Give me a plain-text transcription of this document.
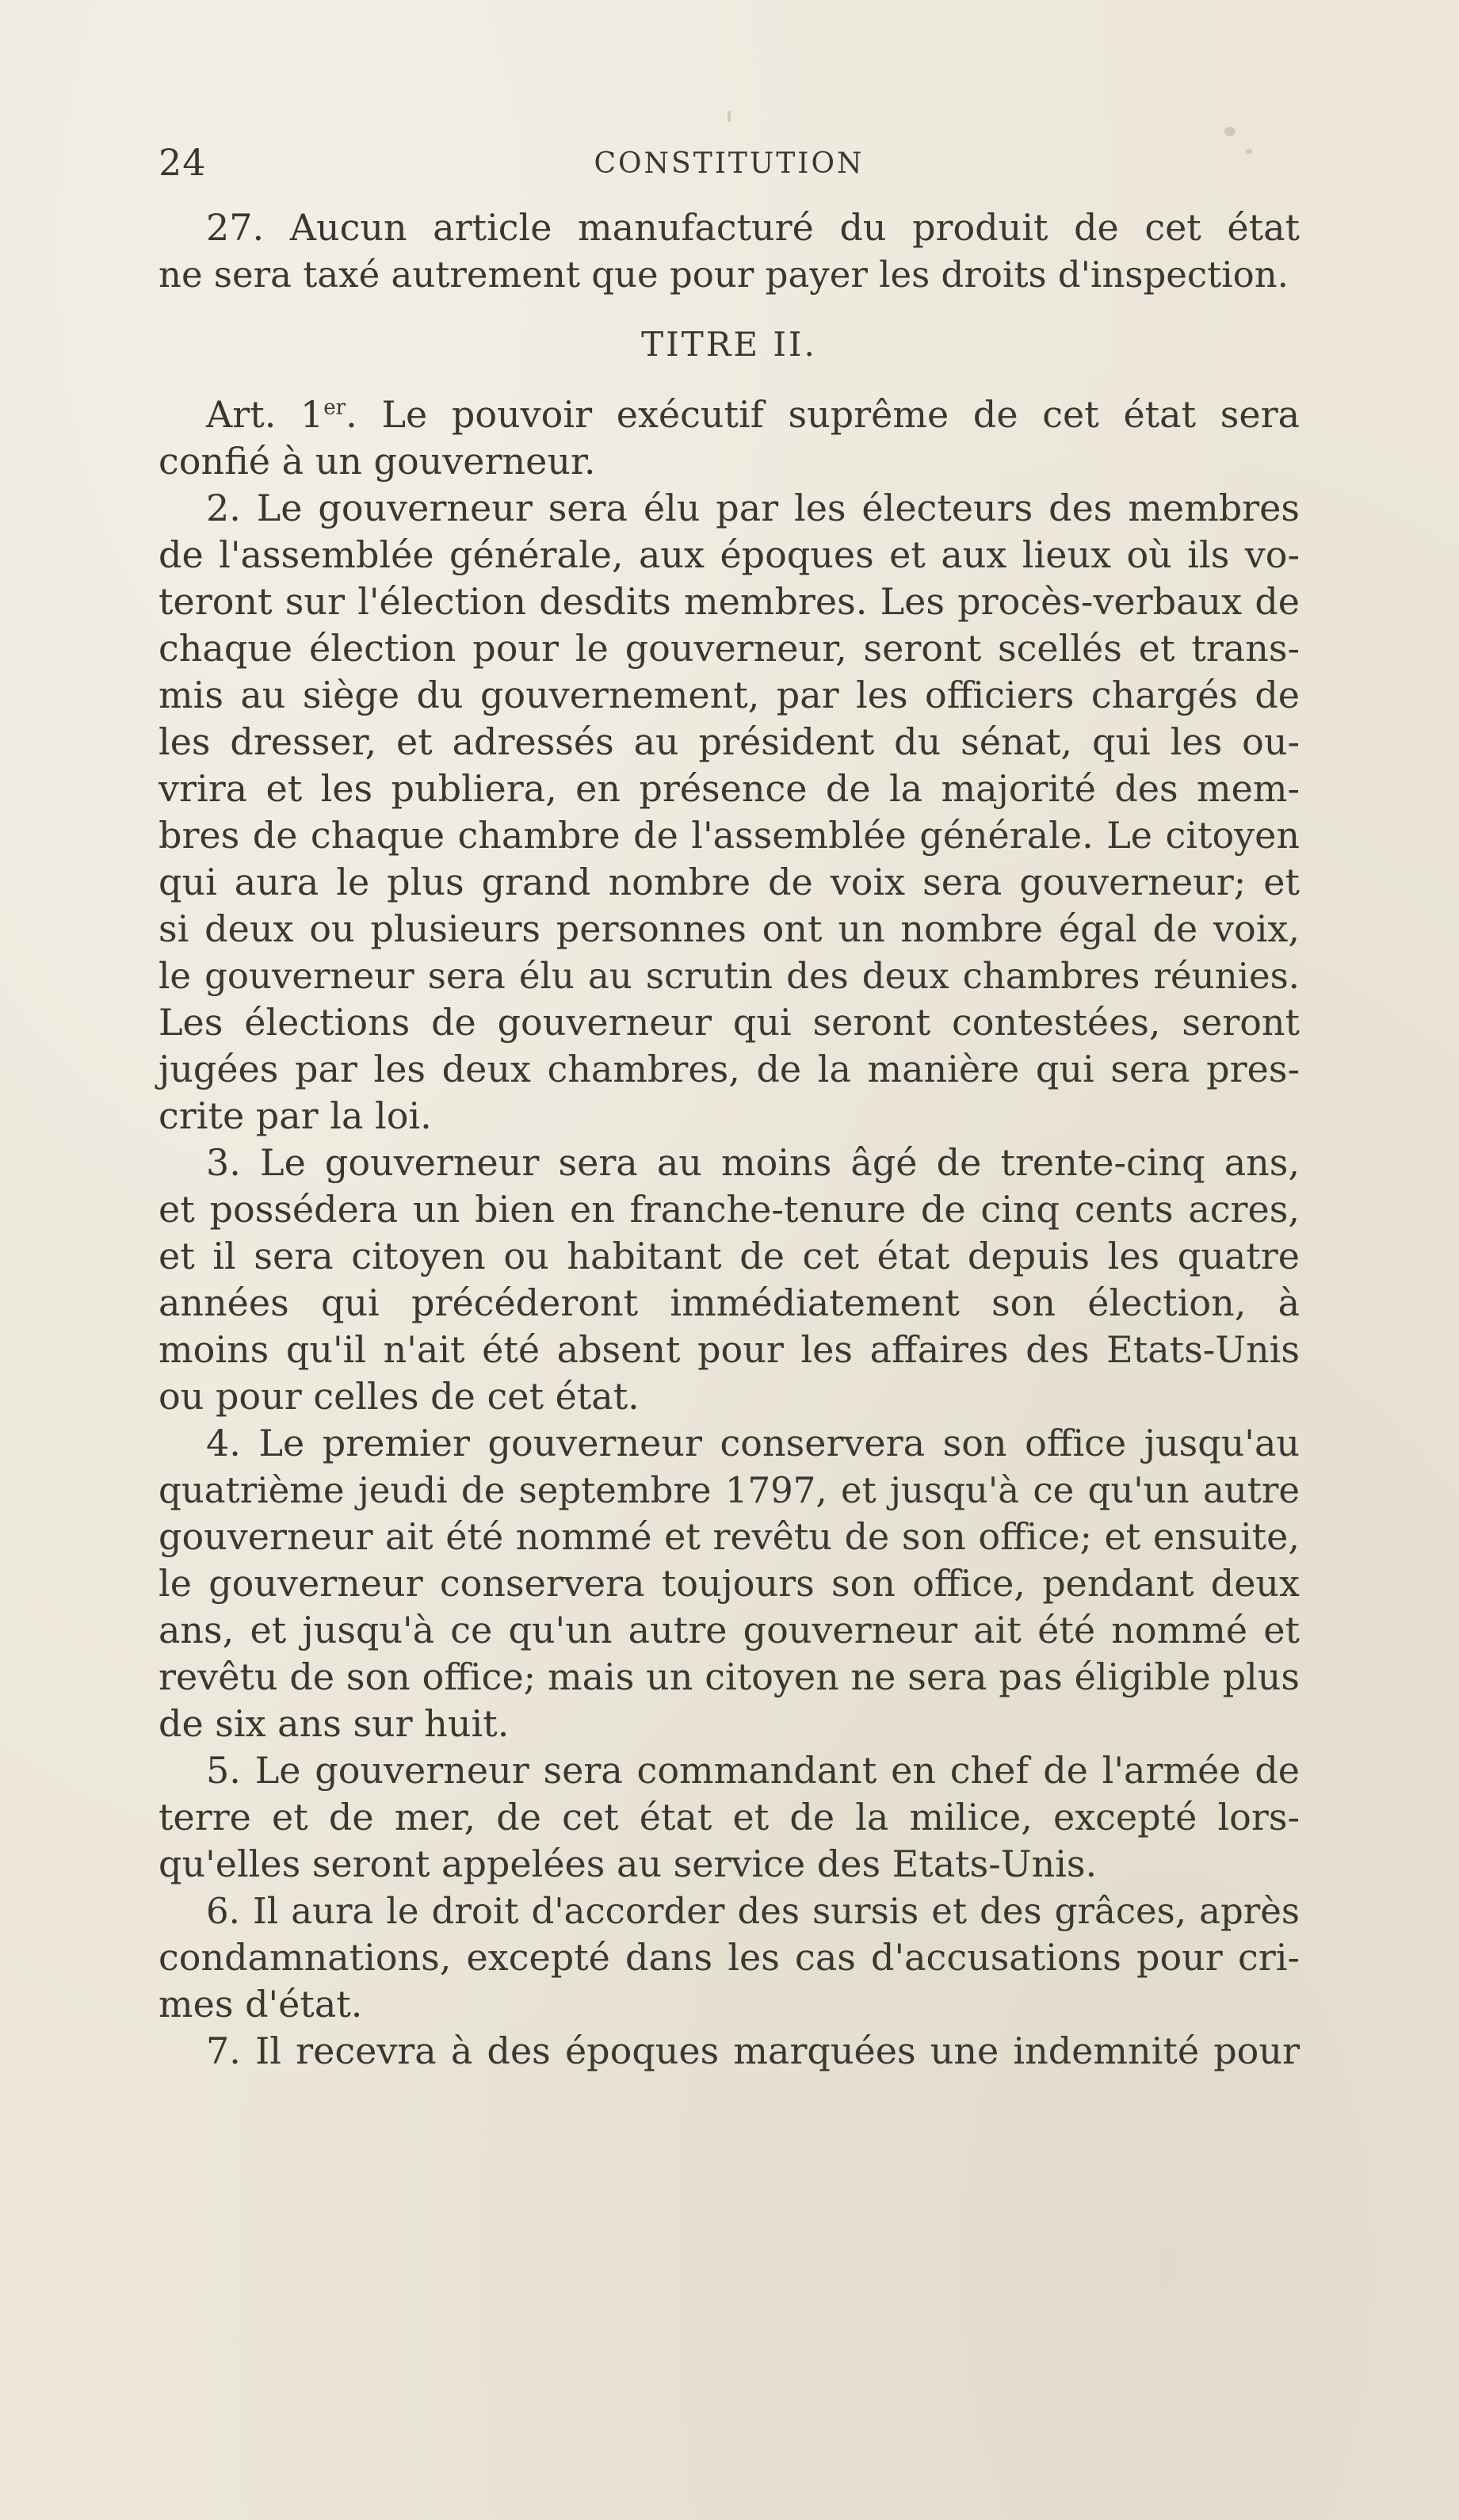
24	CONSTITUTION
27. Aucun article manufacturé du produit de cet état
ne sera taxé autrement que pour payer les droits d'inspection.
TITRE II.
Art. 1er. Le pouvoir exécutif suprême de cet état sera
confié à un gouverneur.
2. Le gouverneur sera élu par les électeurs des membres
de l'assemblée générale, aux époques et aux lieux où ils vo-
teront sur l'élection desdits membres. Les procès-verbaux de
chaque élection pour le gouverneur, seront scellés et trans-
mis au siège du gouvernement, par les officiers chargés de
les dresser, et adressés au président du sénat, qui les ou-
vrira et les publiera, en présence de la majorité des mem-
bres de chaque chambre de l'assemblée générale. Le citoyen
qui aura le plus grand nombre de voix sera gouverneur; et
si deux ou plusieurs personnes ont un nombre égal de voix,
le gouverneur sera élu au scrutin des deux chambres réunies.
Les élections de gouverneur qui seront contestées, seront
jugées par les deux chambres, de la manière qui sera pres-
crite par la loi.
3. Le gouverneur sera au moins âgé de trente-cinq ans,
et possédera un bien en franche-tenure de cinq cents acres,
et il sera citoyen ou habitant de cet état depuis les quatre
années qui précéderont immédiatement son élection, à
moins qu'il n'ait été absent pour les affaires des Etats-Unis
ou pour celles de cet état.
4. Le premier gouverneur conservera son office jusqu'au
quatrième jeudi de septembre 1797, et jusqu'à ce qu'un autre
gouverneur ait été nommé et revêtu de son office; et ensuite,
le gouverneur conservera toujours son office, pendant deux
ans, et jusqu'à ce qu'un autre gouverneur ait été nommé et
revêtu de son office; mais un citoyen ne sera pas éligible plus
de six ans sur huit.
5. Le gouverneur sera commandant en chef de l'armée de
terre et de mer, de cet état et de la milice, excepté lors-
qu'elles seront appelées au service des Etats-Unis.
6. Il aura le droit d'accorder des sursis et des grâces, après
condamnations, excepté dans les cas d'accusations pour cri-
mes d'état.
7. Il recevra à des époques marquées une indemnité pour
